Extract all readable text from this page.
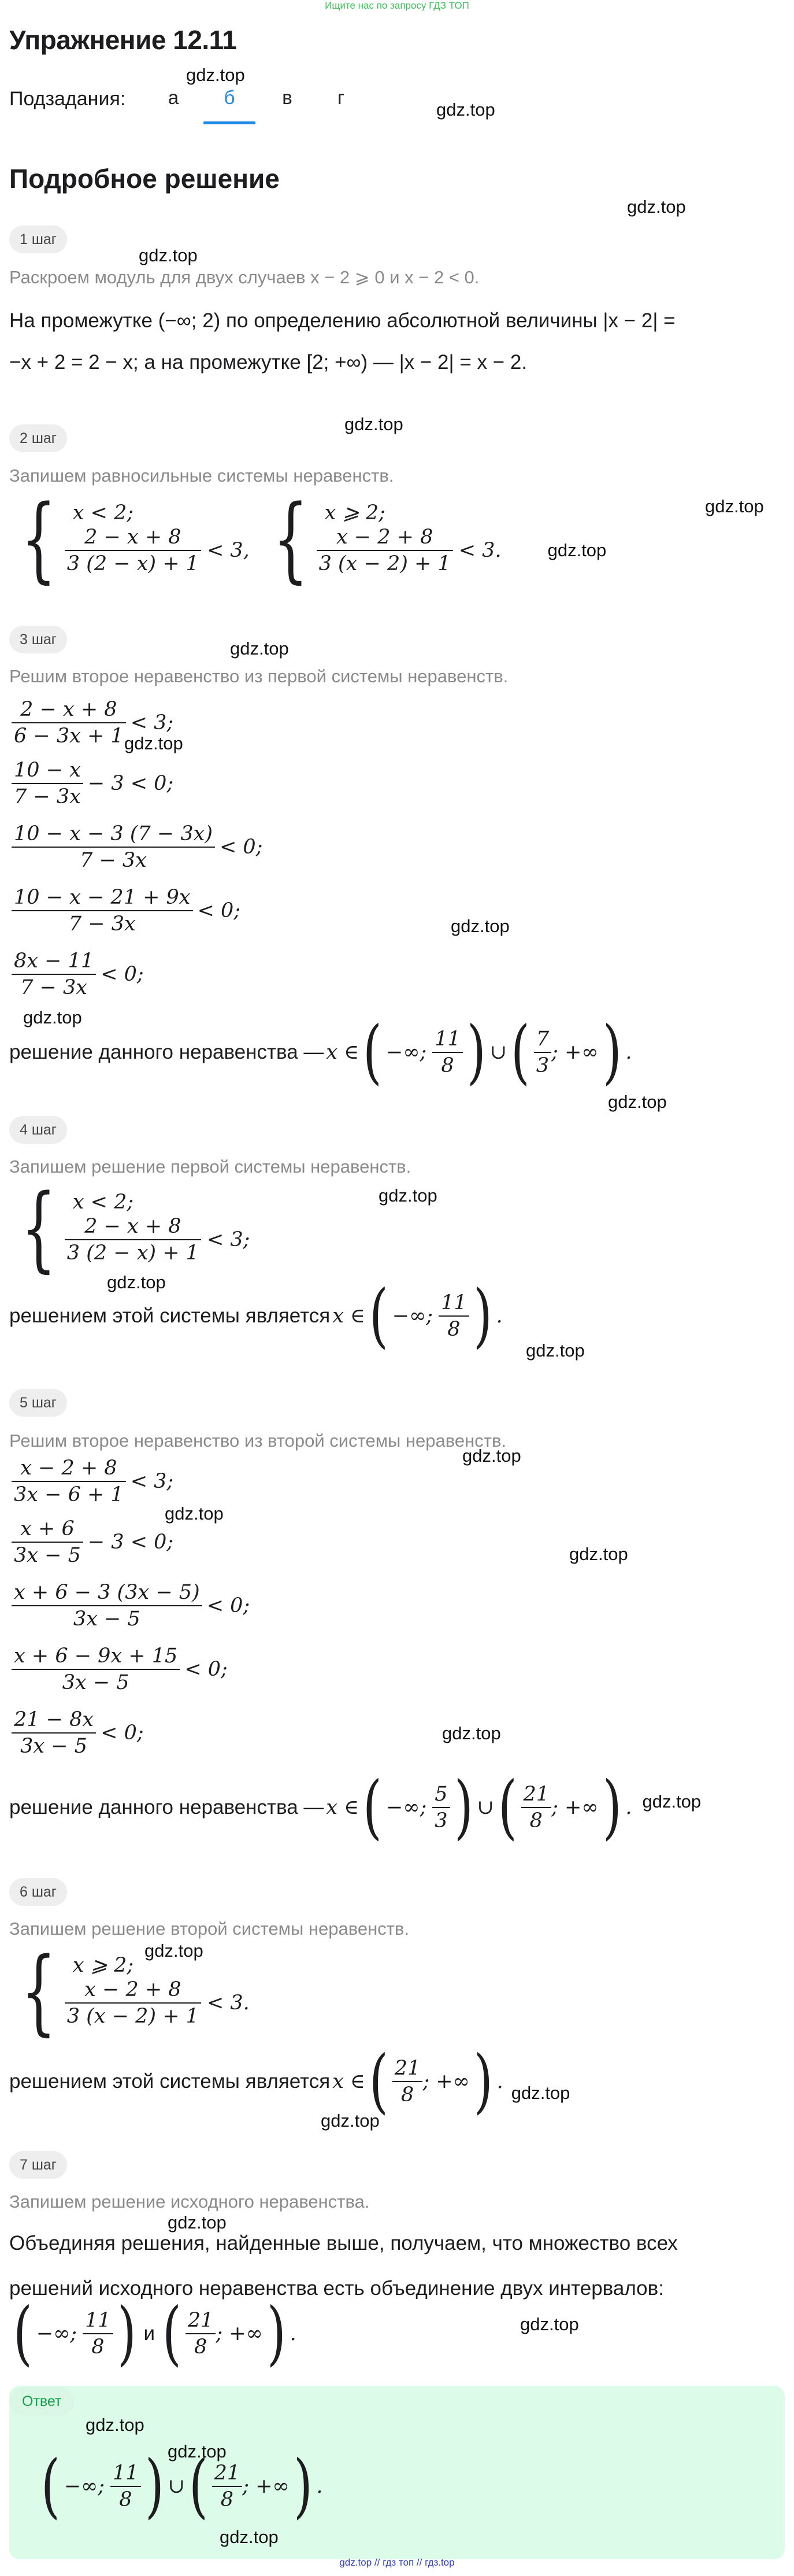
Ищите нас по запросу ГДЗ ТОП
Упражнение 12.11
gdz.top
Подзадания:	а	б	в	г
gdz.top
Подробное решение
gdz.top
1 шаг
gdz.top
Раскроем модуль для двух случаев x − 2 ⩾ 0 и x − 2 < 0.
На промежутке (−∞; 2) по определению абсолютной величины |x − 2| =
−x + 2 = 2 − x; а на промежутке [2; +∞) — |x − 2| = x − 2.
gdz.top
2 шаг
Запишем равносильные системы неравенств.
gdz.top
{ x < 2;
$\frac{2 - x + 8}{3 (2 - x) + 1} < 3$, { x ⩾ 2;
$\frac{x - 2 + 8}{3 (x - 2) + 1} < 3$.	gdz.top
3 шаг	gdz.top
Решим второе неравенство из первой системы неравенств.
$\frac{2 - x + 8}{6 - 3x + 1} < 3$;
$\frac{10 - x}{7 - 3x} - 3 < 0$;
$\frac{10 - x - 3 (7 - 3x)}{7 - 3x} < 0$;
$\frac{10 - x - 21 + 9x}{7 - 3x} < 0$;
$\frac{8x - 11}{7 - 3x} < 0$;
gdz.top
gdz.top
gdz.top
решение данного неравенства — x ∈ ( −∞; $\frac{11}{8}$ ) ∪ ( $\frac{7}{3}$ ; +∞ ) .
gdz.top
4 шаг
Запишем решение первой системы неравенств.
gdz.top
{ x < 2;
$\frac{2 - x + 8}{3 (2 - x) + 1} < 3$;
gdz.top
решением этой системы является x ∈ ( −∞; $\frac{11}{8}$ ) .
gdz.top
5 шаг
Решим второе неравенство из второй системы неравенств.
gdz.top
$\frac{x - 2 + 8}{3x - 6 + 1} < 3$;
$\frac{x + 6}{3x - 5} - 3 < 0$;
$\frac{x + 6 - 3 (3x - 5)}{3x - 5} < 0$;
$\frac{x + 6 - 9x + 15}{3x - 5} < 0$;
$\frac{21 - 8x}{3x - 5} < 0$;
gdz.top
gdz.top
gdz.top
решение данного неравенства — x ∈ ( −∞; $\frac{5}{3}$ ) ∪ ( $\frac{21}{8}$ ; +∞ ) . gdz.top
6 шаг
Запишем решение второй системы неравенств.
gdz.top
{ x ⩾ 2;
$\frac{x - 2 + 8}{3 (x - 2) + 1} < 3$.
решением этой системы является x ∈ ( $\frac{21}{8}$ ; +∞ ) . gdz.top
gdz.top
7 шаг
Запишем решение исходного неравенства.
gdz.top
Объединяя решения, найденные выше, получаем, что множество всех
решений исходного неравенства есть объединение двух интервалов:
( −∞; $\frac{11}{8}$ ) и ( $\frac{21}{8}$ ; +∞ ) .	gdz.top
Ответ
gdz.top
( −∞; $\frac{11}{8}$ ) ∪ ( $\frac{21}{8}$ ; +∞ ) .
gdz.top
gdz.top
gdz.top // гдз топ // гдз.top
